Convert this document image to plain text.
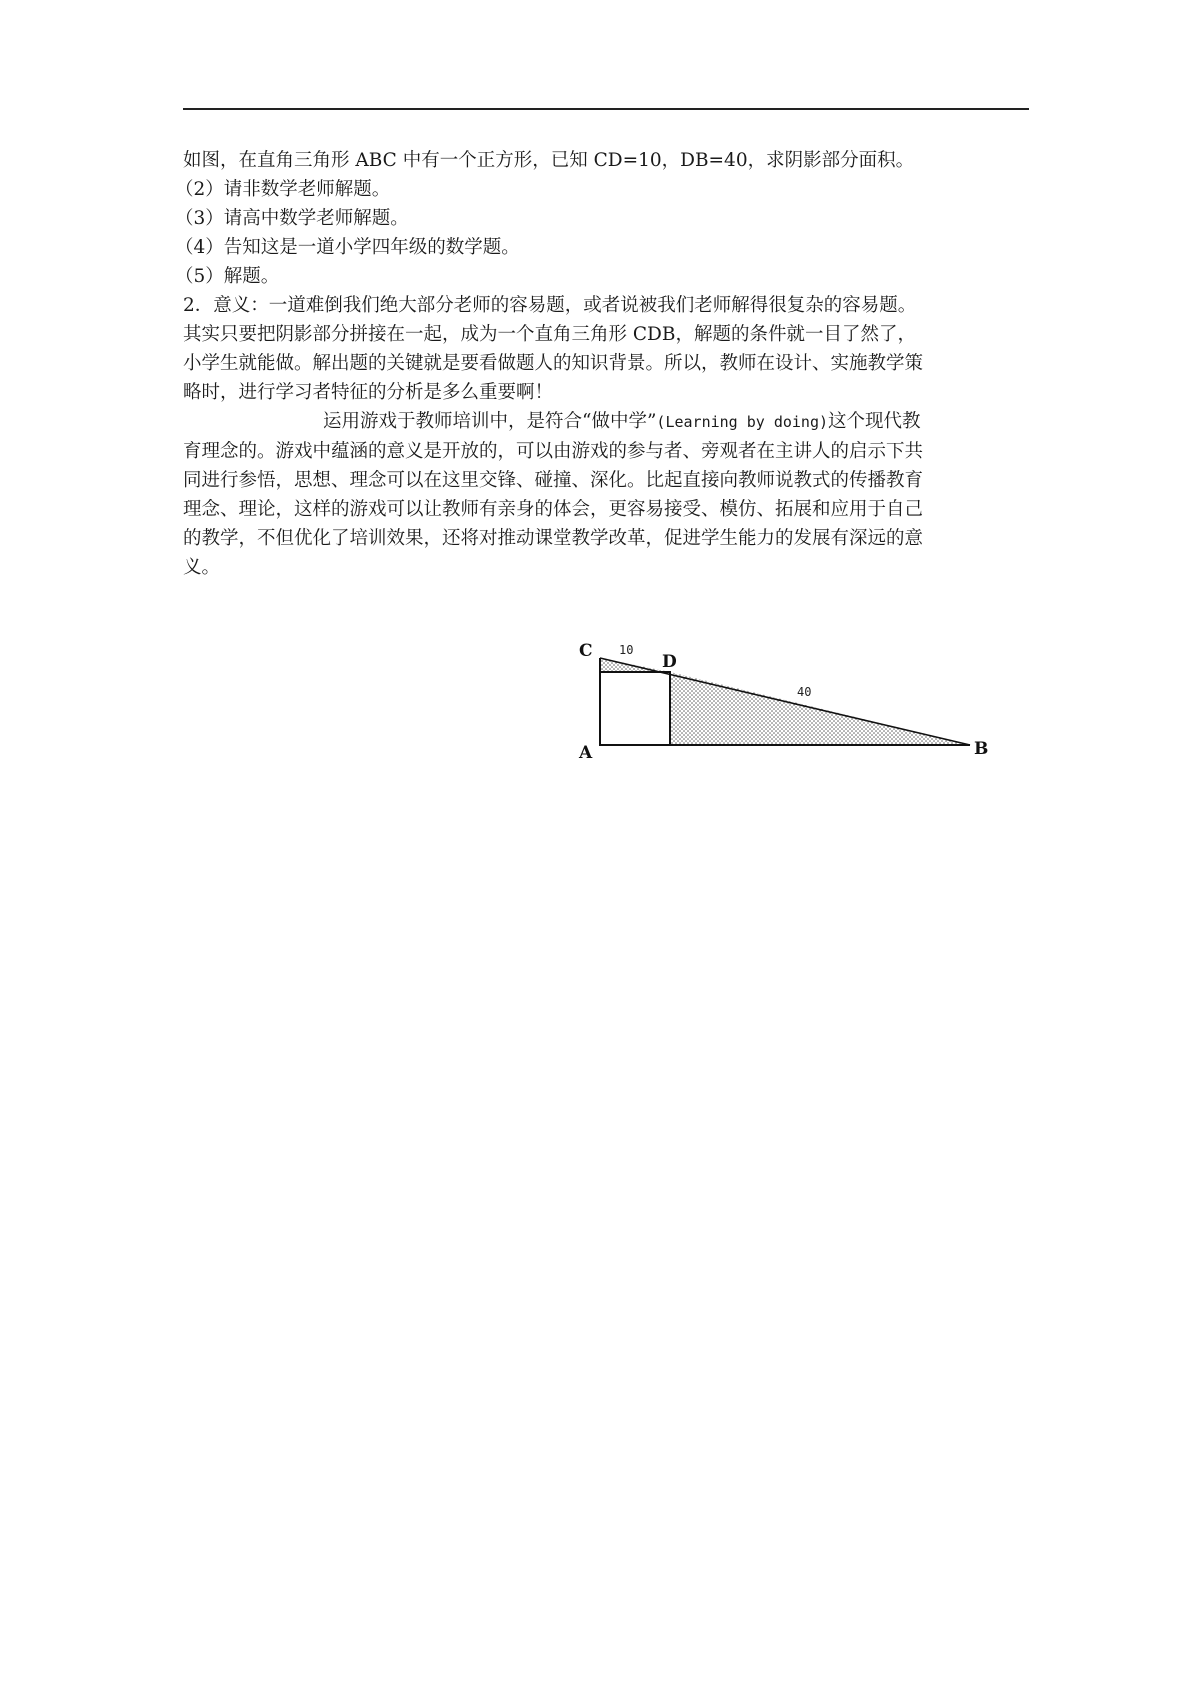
如图，在直角三角形 ABC 中有一个正方形，已知 CD=10，DB=40，求阴影部分面积。
（2）请非数学老师解题。
（3）请高中数学老师解题。
（4）告知这是一道小学四年级的数学题。
（5）解题。
2．意义：一道难倒我们绝大部分老师的容易题，或者说被我们老师解得很复杂的容易题。
其实只要把阴影部分拼接在一起，成为一个直角三角形 CDB，解题的条件就一目了然了，
小学生就能做。解出题的关键就是要看做题人的知识背景。所以，教师在设计、实施教学策
略时，进行学习者特征的分析是多么重要啊！
运用游戏于教师培训中，是符合“做中学”(Learning by doing)这个现代教
育理念的。游戏中蕴涵的意义是开放的，可以由游戏的参与者、旁观者在主讲人的启示下共
同进行参悟，思想、理念可以在这里交锋、碰撞、深化。比起直接向教师说教式的传播教育
理念、理论，这样的游戏可以让教师有亲身的体会，更容易接受、模仿、拓展和应用于自己
的教学，不但优化了培训效果，还将对推动课堂教学改革，促进学生能力的发展有深远的意
义。
C
D
A	B
10
40
